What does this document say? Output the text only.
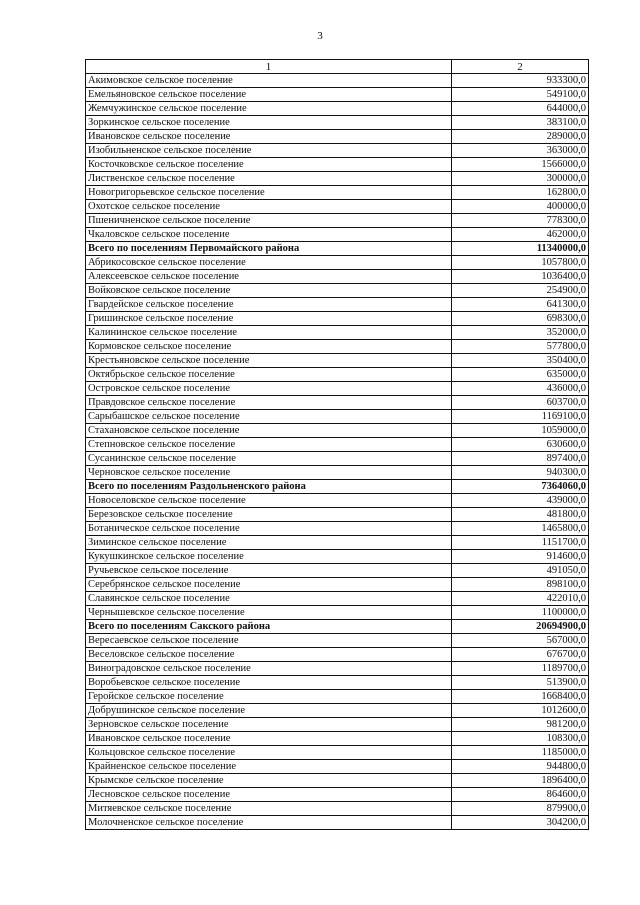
3
1	2
Акимовское сельское поселение	933300,0
Емельяновское сельское поселение	549100,0
Жемчужинское сельское поселение	644000,0
Зоркинское сельское поселение	383100,0
Ивановское сельское поселение	289000,0
Изобильненское сельское поселение	363000,0
Косточковское сельское поселение	1566000,0
Лиственское сельское поселение	300000,0
Новогригорьевское сельское поселение	162800,0
Охотское сельское поселение	400000,0
Пшеничненское сельское поселение	778300,0
Чкаловское сельское поселение	462000,0
Всего по поселениям Первомайского района	11340000,0
Абрикосовское сельское поселение	1057800,0
Алексеевское сельское поселение	1036400,0
Войковское сельское поселение	254900,0
Гвардейское сельское поселение	641300,0
Гришинское сельское поселение	698300,0
Калининское сельское поселение	352000,0
Кормовское сельское поселение	577800,0
Крестьяновское сельское поселение	350400,0
Октябрьское сельское поселение	635000,0
Островское сельское поселение	436000,0
Правдовское сельское поселение	603700,0
Сарыбашское сельское поселение	1169100,0
Стахановское сельское поселение	1059000,0
Степновское сельское поселение	630600,0
Сусанинское сельское поселение	897400,0
Черновское сельское поселение	940300,0
Всего по поселениям Раздольненского района	7364060,0
Новоселовское сельское поселение	439000,0
Березовское сельское поселение	481800,0
Ботаническое сельское поселение	1465800,0
Зиминское сельское поселение	1151700,0
Кукушкинское сельское поселение	914600,0
Ручьевское сельское поселение	491050,0
Серебрянское сельское поселение	898100,0
Славянское сельское поселение	422010,0
Чернышевское сельское поселение	1100000,0
Всего по поселениям Сакского района	20694900,0
Вересаевское сельское поселение	567000,0
Веселовское сельское поселение	676700,0
Виноградовское сельское поселение	1189700,0
Воробьевское сельское поселение	513900,0
Геройское сельское поселение	1668400,0
Добрушинское сельское поселение	1012600,0
Зерновское сельское поселение	981200,0
Ивановское сельское поселение	108300,0
Кольцовское сельское поселение	1185000,0
Крайненское сельское поселение	944800,0
Крымское сельское поселение	1896400,0
Лесновское сельское поселение	864600,0
Митяевское сельское поселение	879900,0
Молочненское сельское поселение	304200,0
